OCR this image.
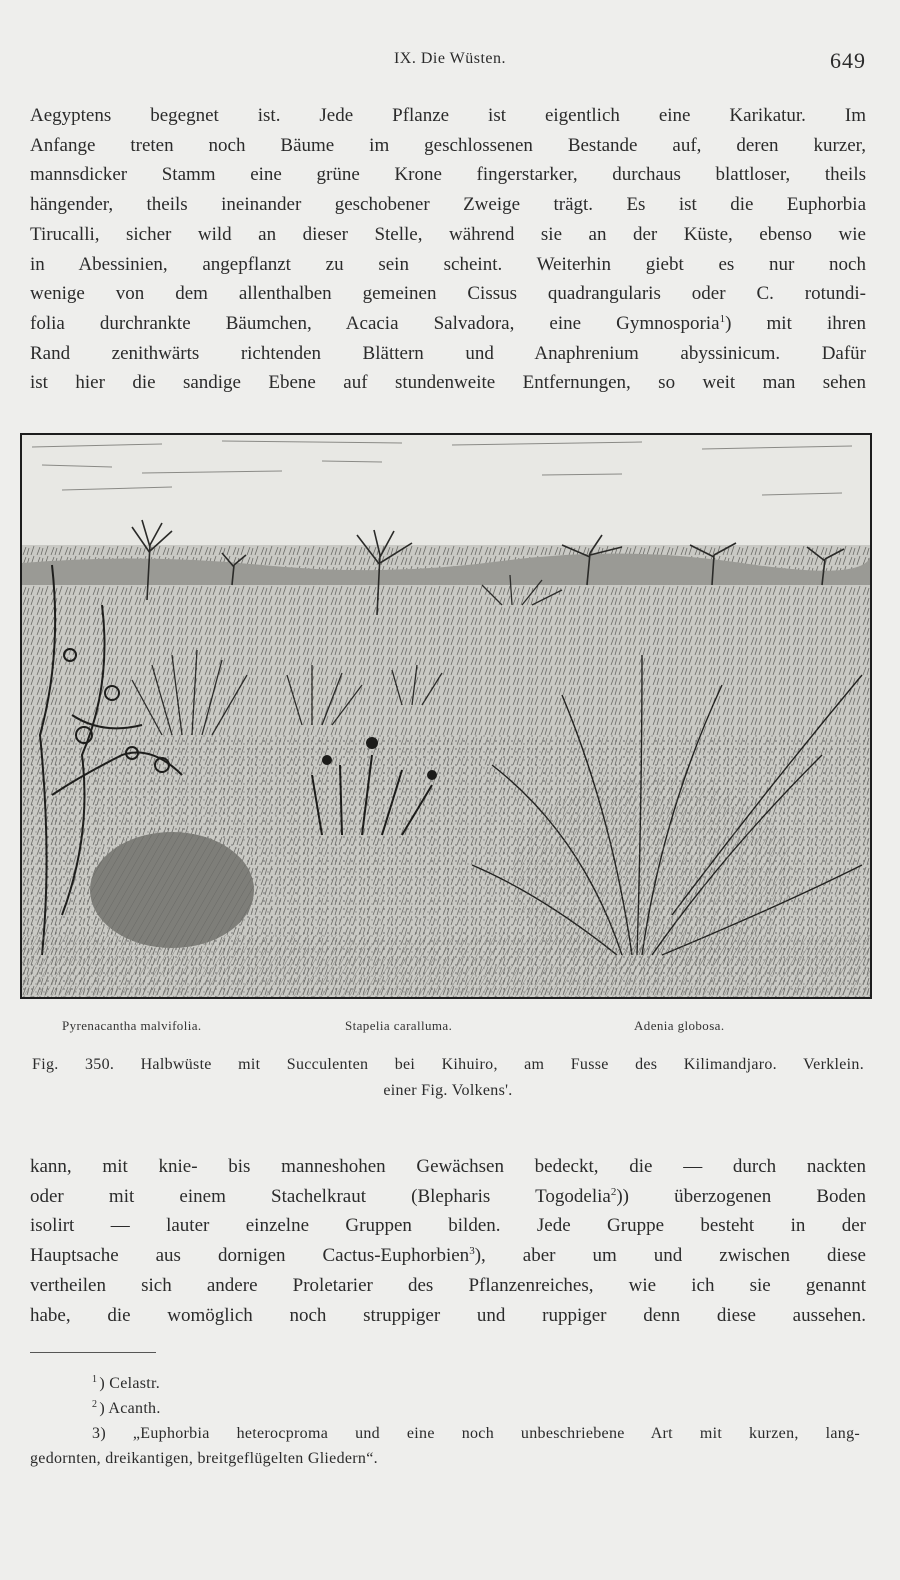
IX. Die Wüsten.	649
Aegyptens begegnet ist. Jede Pflanze ist eigentlich eine Karikatur. Im
Anfange treten noch Bäume im geschlossenen Bestande auf, deren kurzer,
mannsdicker Stamm eine grüne Krone fingerstarker, durchaus blattloser, theils
hängender, theils ineinander geschobener Zweige trägt. Es ist die Euphorbia
Tirucalli, sicher wild an dieser Stelle, während sie an der Küste, ebenso wie
in Abessinien, angepflanzt zu sein scheint. Weiterhin giebt es nur noch
wenige von dem allenthalben gemeinen Cissus quadrangularis oder C. rotundi-
folia durchrankte Bäumchen, Acacia Salvadora, eine Gymnosporia$^1$) mit ihren
Rand zenithwärts richtenden Blättern und Anaphrenium abyssinicum. Dafür
ist hier die sandige Ebene auf stundenweite Entfernungen, so weit man sehen
Pyrenacantha malvifolia.	Stapelia caralluma.	Adenia globosa.
Fig. 350. Halbwüste mit Succulenten bei Kihuiro, am Fusse des Kilimandjaro. Verklein.
einer Fig. Volkens'.
kann, mit knie- bis manneshohen Gewächsen bedeckt, die — durch nackten
oder mit einem Stachelkraut (Blepharis Togodelia$^2$)) überzogenen Boden
isolirt — lauter einzelne Gruppen bilden. Jede Gruppe besteht in der
Hauptsache aus dornigen Cactus-Euphorbien$^3$), aber um und zwischen diese
vertheilen sich andere Proletarier des Pflanzenreiches, wie ich sie genannt
habe, die womöglich noch struppiger und ruppiger denn diese aussehen.
$^1$ ) Celastr.
$^2$ ) Acanth.
3) „Euphorbia heterocproma und eine noch unbeschriebene Art mit kurzen, lang-
gedornten, dreikantigen, breitgeflügelten Gliedern“.
